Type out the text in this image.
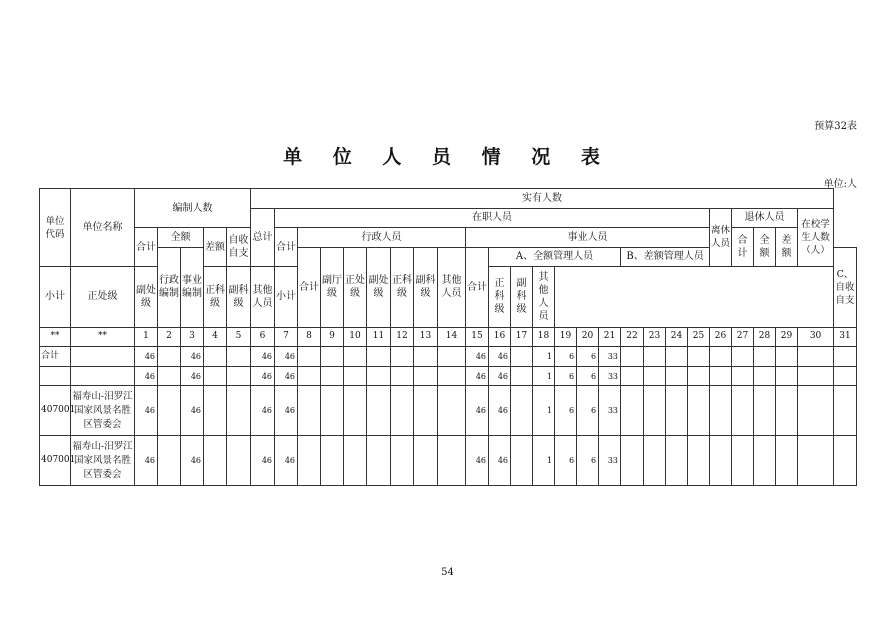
预算32表
单 位 人 员 情 况 表
单位:人
单位代码	单位名称	编制人数					实有人数																									
							总计	在职人员																			离休人员	退休人员			在校学生人数（人）	
		合计	全额		差额	自收自支		合计	行政人员							事业人员												合计	全额	差额		
			行政编制	事业编制					合计	副厅级	正处级	副处级	正科级	副科级	其他人员	合计	A、全额管理人员						B、差额管理人员									C、自收自支
小计	正处级	副处级			正科级	副科级	其他人员	小计									正科级	副科级	其他人员													
**	**	1	2	3	4	5	6	7	8	9	10	11	12	13	14	15	16	17	18	19	20	21	22	23	24	25	26	27	28	29	30	31
合计		46		46			46	46								46	46		1	6	6	33										
		46		46			46	46								46	46		1	6	6	33										
407001	福寿山-汨罗江国家风景名胜区管委会	46		46			46	46								46	46		1	6	6	33										
407001	福寿山-汨罗江国家风景名胜区管委会	46		46			46	46								46	46		1	6	6	33										
54
